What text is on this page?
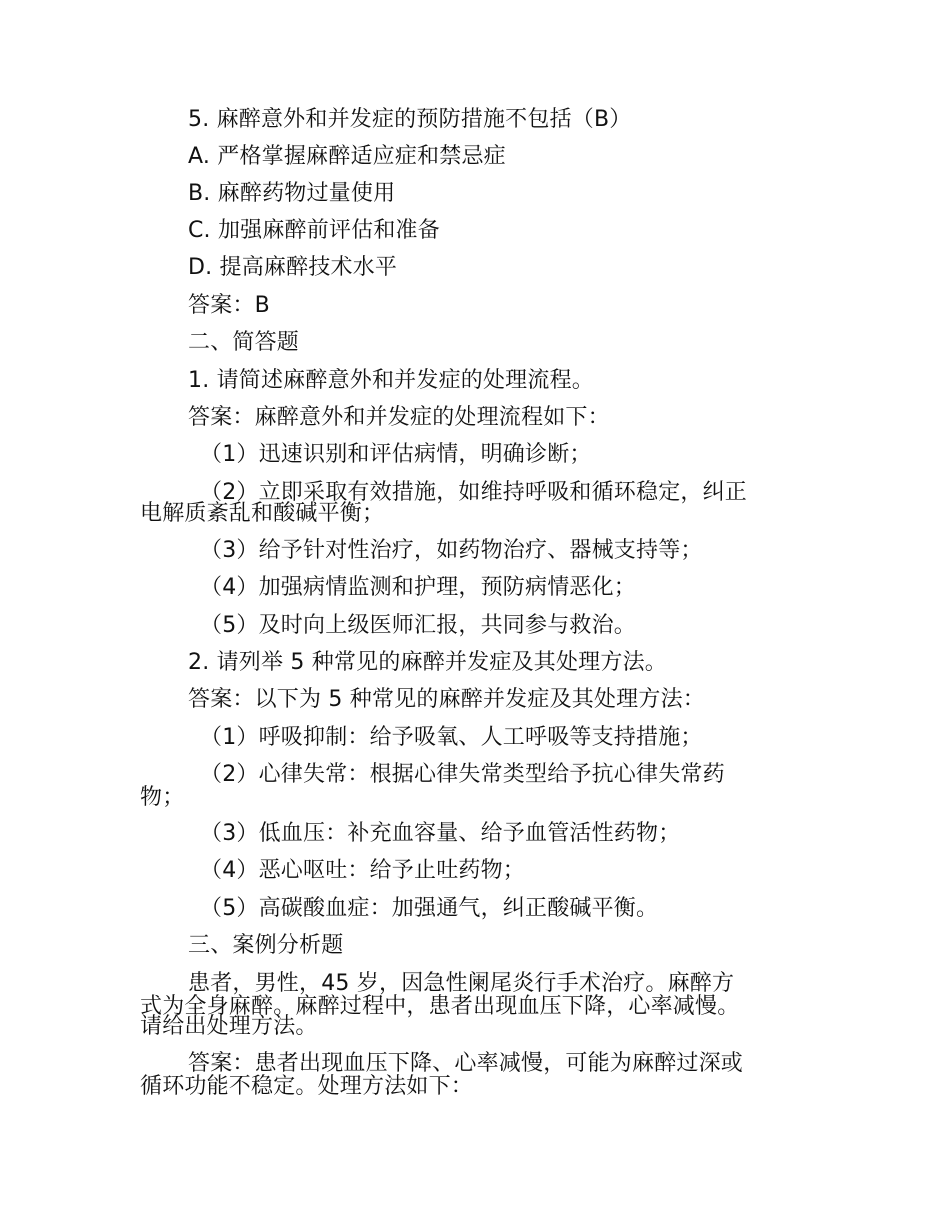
5. 麻醉意外和并发症的预防措施不包括（B）
A. 严格掌握麻醉适应症和禁忌症
B. 麻醉药物过量使用
C. 加强麻醉前评估和准备
D. 提高麻醉技术水平
答案：B
二、简答题
1. 请简述麻醉意外和并发症的处理流程。
答案：麻醉意外和并发症的处理流程如下：
（1）迅速识别和评估病情，明确诊断；
（2）立即采取有效措施，如维持呼吸和循环稳定，纠正
电解质紊乱和酸碱平衡；
（3）给予针对性治疗，如药物治疗、器械支持等；
（4）加强病情监测和护理，预防病情恶化；
（5）及时向上级医师汇报，共同参与救治。
2. 请列举 5 种常见的麻醉并发症及其处理方法。
答案：以下为 5 种常见的麻醉并发症及其处理方法：
（1）呼吸抑制：给予吸氧、人工呼吸等支持措施；
（2）心律失常：根据心律失常类型给予抗心律失常药
物；
（3）低血压：补充血容量、给予血管活性药物；
（4）恶心呕吐：给予止吐药物；
（5）高碳酸血症：加强通气，纠正酸碱平衡。
三、案例分析题
患者，男性，45 岁，因急性阑尾炎行手术治疗。麻醉方
式为全身麻醉。麻醉过程中，患者出现血压下降，心率减慢。
请给出处理方法。
答案：患者出现血压下降、心率减慢，可能为麻醉过深或
循环功能不稳定。处理方法如下：
